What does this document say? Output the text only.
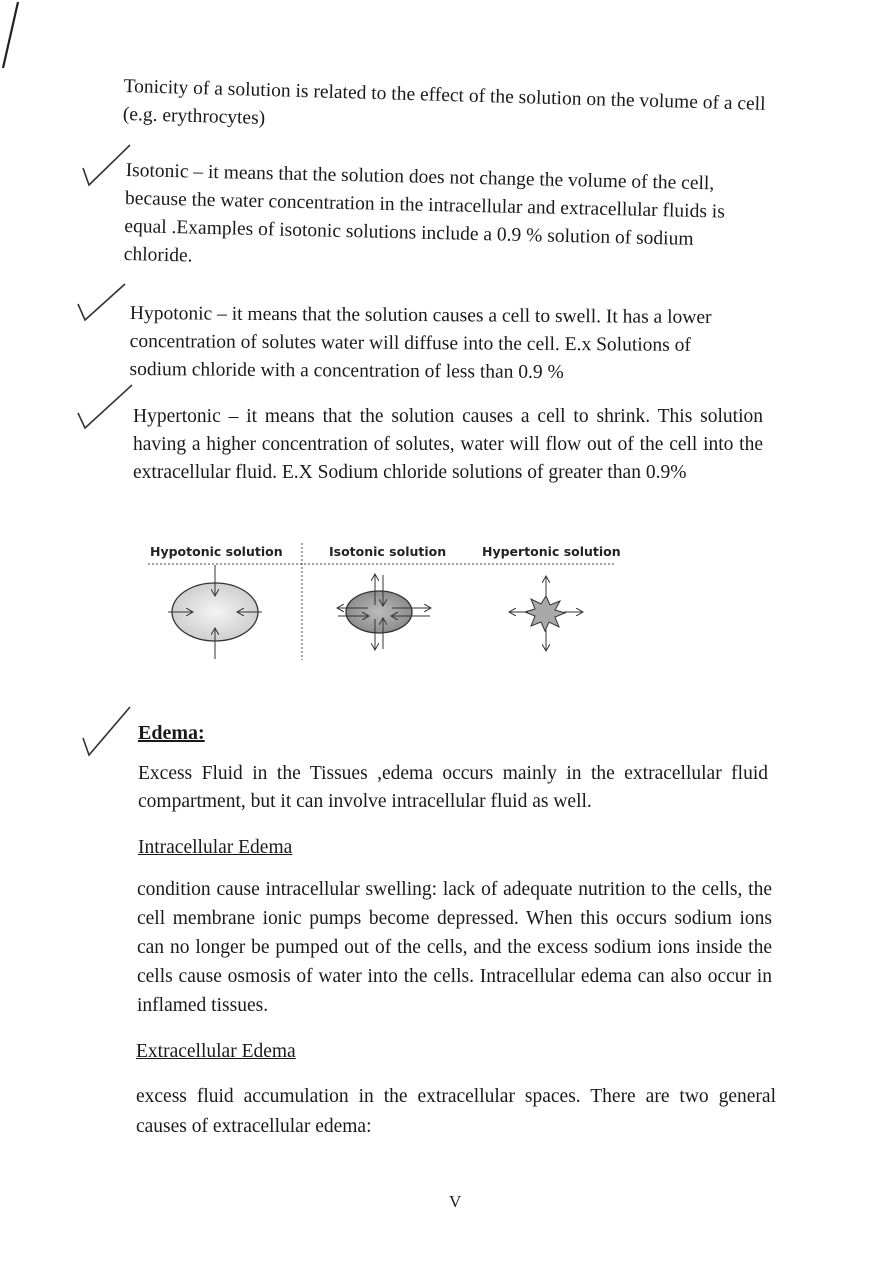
Tonicity of a solution is related to the effect of the solution on the volume of a cell (e.g. erythrocytes)

Isotonic – it means that the solution does not change the volume of the cell, because the water concentration in the intracellular and extracellular fluids is equal .Examples of isotonic solutions include a 0.9 % solution of sodium chloride.

Hypotonic – it means that the solution causes a cell to swell. It has a lower concentration of solutes water will diffuse into the cell. E.x Solutions of sodium chloride with a concentration of less than 0.9 %

Hypertonic – it means that the solution causes a cell to shrink. This solution having a higher concentration of solutes, water will flow out of the cell into the extracellular fluid. E.X Sodium chloride solutions of greater than 0.9%

Hypotonic solution	Isotonic solution	Hypertonic solution
Edema:

Excess Fluid in the Tissues ,edema occurs mainly in the extracellular fluid compartment, but it can involve intracellular fluid as well.

Intracellular Edema

condition cause intracellular swelling: lack of adequate nutrition to the cells, the cell membrane ionic pumps become depressed. When this occurs sodium ions can no longer be pumped out of the cells, and the excess sodium ions inside the cells cause osmosis of water into the cells. Intracellular edema can also occur in inflamed tissues.

Extracellular Edema

excess fluid accumulation in the extracellular spaces. There are two general causes of extracellular edema:

V
